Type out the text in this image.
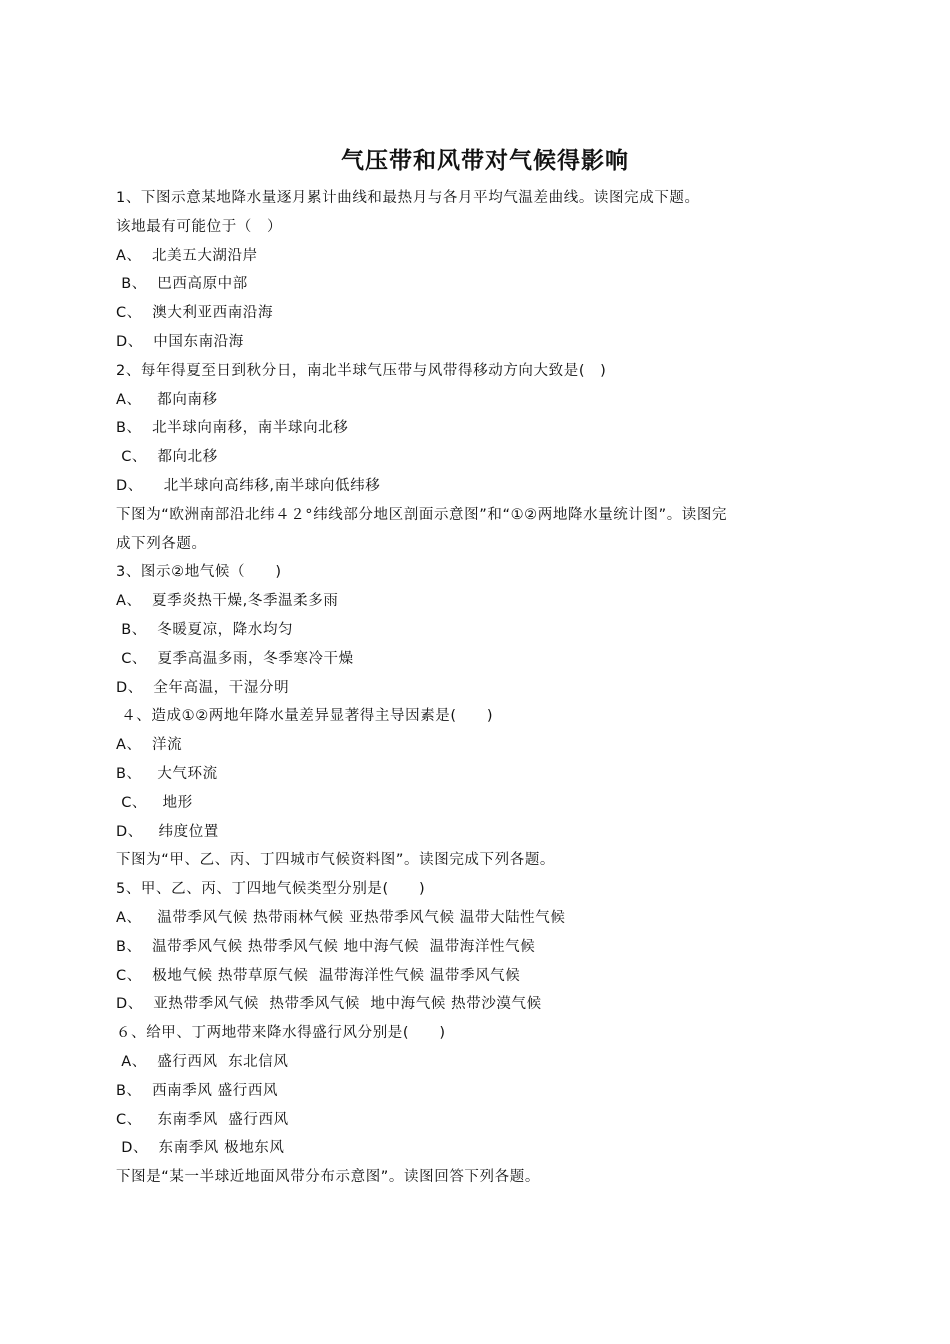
气压带和风带对气候得影响
1、下图示意某地降水量逐月累计曲线和最热月与各月平均气温差曲线。读图完成下题。
该地最有可能位于（　）
A、  北美五大湖沿岸
B、  巴西高原中部
C、  澳大利亚西南沿海
D、  中国东南沿海
2、每年得夏至日到秋分日，南北半球气压带与风带得移动方向大致是(　)
A、   都向南移
B、  北半球向南移，南半球向北移
C、  都向北移
D、    北半球向高纬移,南半球向低纬移
下图为“欧洲南部沿北纬４２°纬线部分地区剖面示意图”和“①②两地降水量统计图”。读图完
成下列各题。
3、图示②地气候（　　)
A、  夏季炎热干燥,冬季温柔多雨
B、  冬暖夏凉，降水均匀
C、  夏季高温多雨，冬季寒冷干燥
D、  全年高温，干湿分明
４、造成①②两地年降水量差异显著得主导因素是(　　)
A、  洋流
B、   大气环流
C、   地形
D、   纬度位置
下图为“甲、乙、丙、丁四城市气候资料图”。读图完成下列各题。
5、甲、乙、丙、丁四地气候类型分别是(　　)
A、   温带季风气候 热带雨林气候 亚热带季风气候 温带大陆性气候
B、  温带季风气候 热带季风气候 地中海气候  温带海洋性气候
C、  极地气候 热带草原气候  温带海洋性气候 温带季风气候
D、  亚热带季风气候  热带季风气候  地中海气候 热带沙漠气候
６、给甲、丁两地带来降水得盛行风分别是(　　)
A、  盛行西风  东北信风
B、  西南季风 盛行西风
C、   东南季风  盛行西风
D、  东南季风 极地东风
下图是“某一半球近地面风带分布示意图”。读图回答下列各题。
